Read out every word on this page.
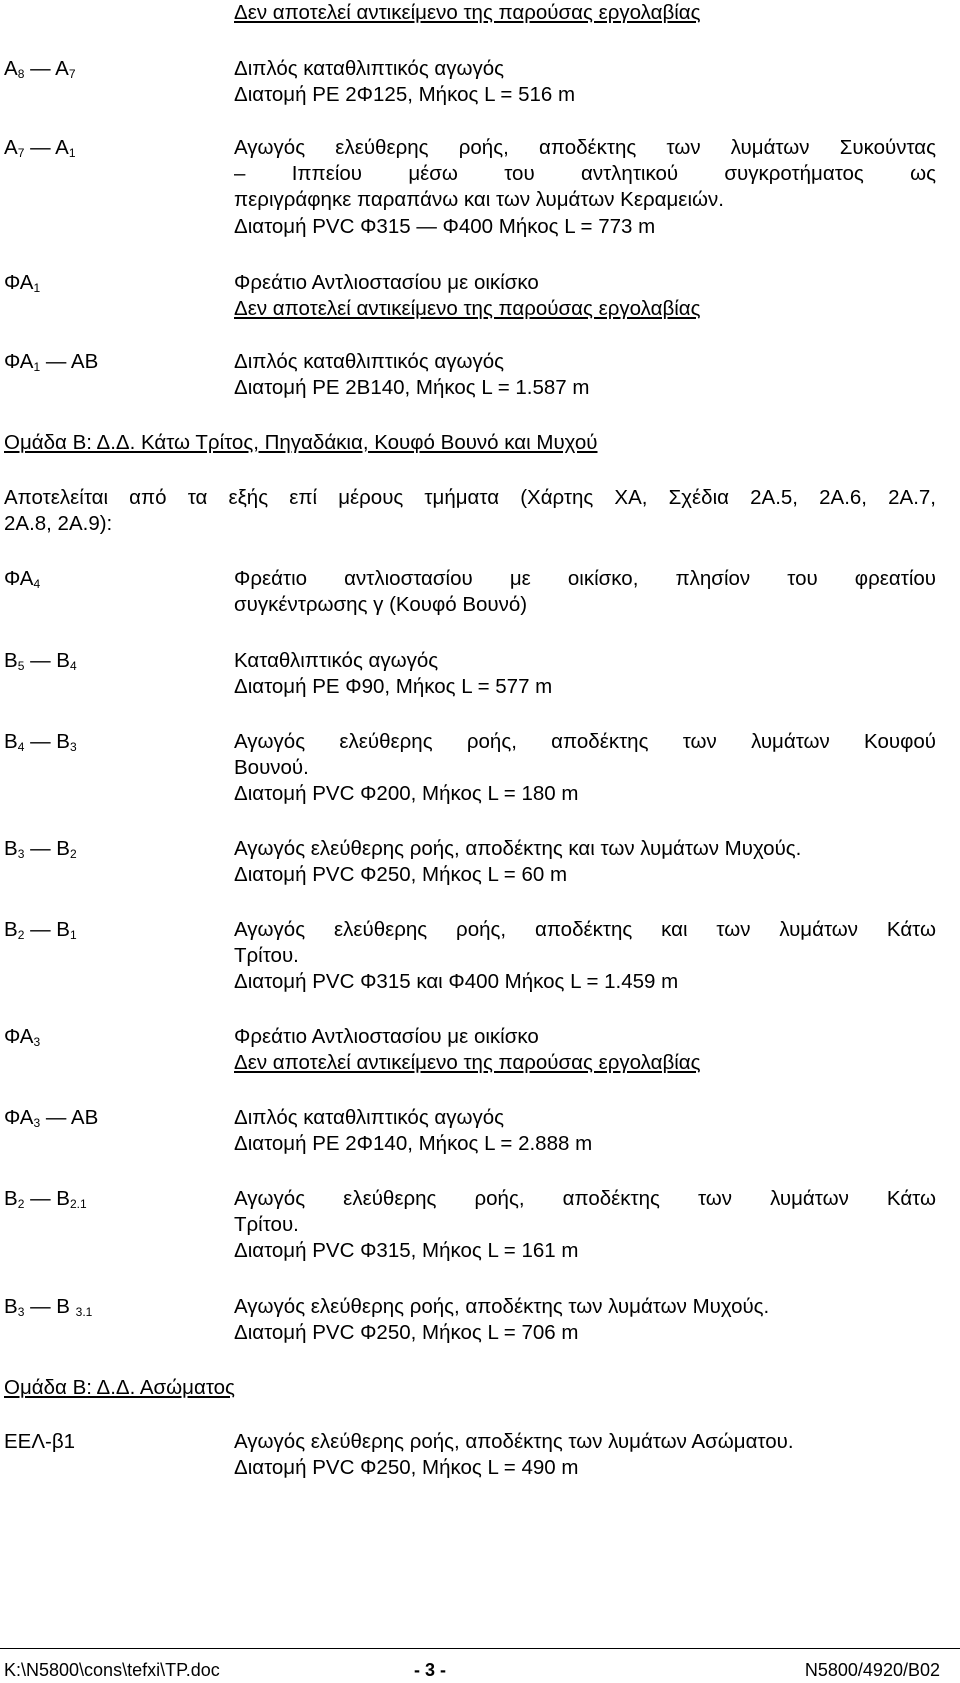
Δεν αποτελεί αντικείμενο της παρούσας εργολαβίας
$A_8$ — $A_7$	Διπλός καταθλιπτικός αγωγός

Διατομή PE 2Φ125, Μήκος L = 516 m

$A_7$ — $A_1$	Αγωγός ελεύθερης ροής, αποδέκτης των λυμάτων Συκούντας

– Ιππείου μέσω του αντλητικού συγκροτήματος ως

περιγράφηκε παραπάνω και των λυμάτων Κεραμειών.

Διατομή PVC Φ315 — Φ400 Μήκος L = 773 m

$\Phi A_1$	Φρεάτιο Αντλιοστασίου με οικίσκο

Δεν αποτελεί αντικείμενο της παρούσας εργολαβίας

$\Phi A_1$ — ΑΒ	Διπλός καταθλιπτικός αγωγός

Διατομή PE 2Β140, Μήκος L = 1.587 m

Ομάδα Β: Δ.Δ. Κάτω Τρίτος, Πηγαδάκια, Κουφό Βουνό και Μυχού

Αποτελείται από τα εξής επί μέρους τμήματα (Χάρτης ΧΑ, Σχέδια 2Α.5, 2Α.6, 2Α.7,

2Α.8, 2Α.9):

$\Phi A_4$	Φρεάτιο αντλιοστασίου με οικίσκο, πλησίον του φρεατίου

συγκέντρωσης γ (Κουφό Βουνό)

$B_5$ — $B_4$	Καταθλιπτικός αγωγός

Διατομή PE Φ90, Μήκος L = 577 m

$B_4$ — $B_3$	Αγωγός ελεύθερης ροής, αποδέκτης των λυμάτων Κουφού

Βουνού.

Διατομή PVC Φ200, Μήκος L = 180 m

$B_3$ — $B_2$	Αγωγός ελεύθερης ροής, αποδέκτης και των λυμάτων Μυχούς.

Διατομή PVC Φ250, Μήκος L = 60 m

$B_2$ — $B_1$	Αγωγός ελεύθερης ροής, αποδέκτης και των λυμάτων Κάτω

Τρίτου.

Διατομή PVC Φ315 και Φ400 Μήκος L = 1.459 m

$\Phi A_3$	Φρεάτιο Αντλιοστασίου με οικίσκο

Δεν αποτελεί αντικείμενο της παρούσας εργολαβίας

$\Phi A_3$ — ΑΒ	Διπλός καταθλιπτικός αγωγός

Διατομή PE 2Φ140, Μήκος L = 2.888 m

$B_2$ — $B_{2.1}$	Αγωγός ελεύθερης ροής, αποδέκτης των λυμάτων Κάτω

Τρίτου.

Διατομή PVC Φ315, Μήκος L = 161 m

$B_3$ — Β $_{3.1}$	Αγωγός ελεύθερης ροής, αποδέκτης των λυμάτων Μυχούς.

Διατομή PVC Φ250, Μήκος L = 706 m

Ομάδα Β: Δ.Δ. Ασώματος
ΕΕΛ-β1	Αγωγός ελεύθερης ροής, αποδέκτης των λυμάτων Ασώματου.

Διατομή PVC Φ250, Μήκος L = 490 m

K:\N5800\cons\tefxi\TP.doc	- 3 -	N5800/4920/B02
